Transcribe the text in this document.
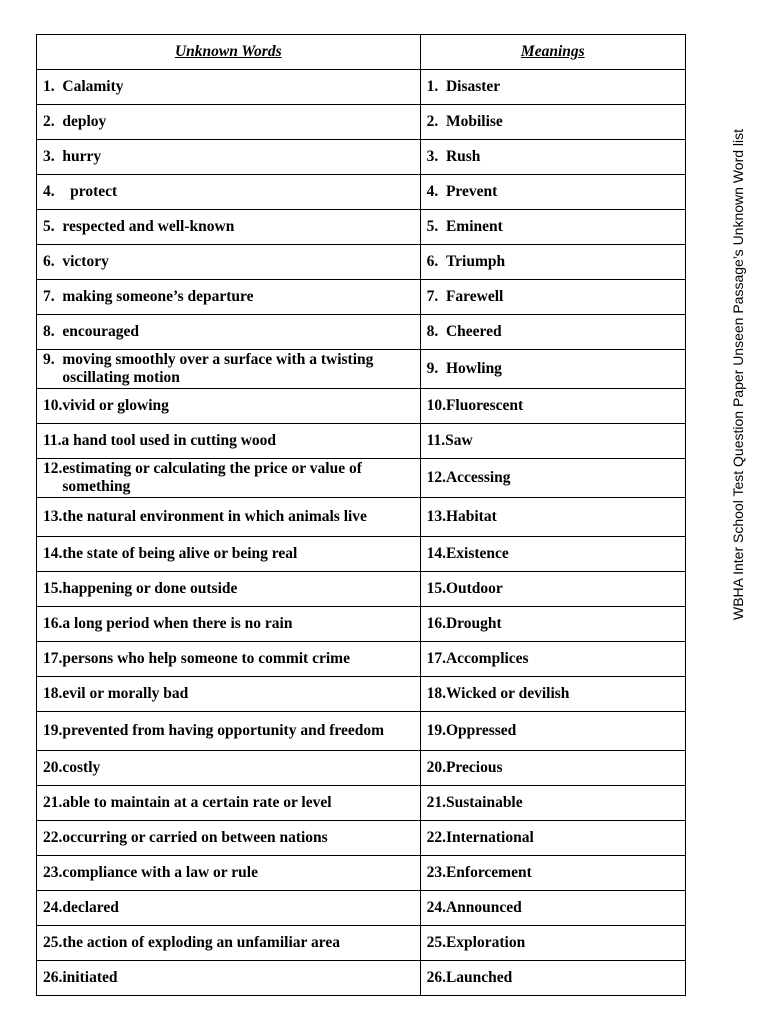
Unknown Words	Meanings

1. Calamity	1. Disaster

2. deploy	2. Mobilise

3. hurry	3. Rush

4. protect	4. Prevent

5. respected and well-known	5. Eminent

6. victory	6. Triumph

7. making someone’s departure	7. Farewell

8. encouraged	8. Cheered

9. moving smoothly over a surface with a twisting oscillating motion	9. Howling

10. vivid or glowing	10. Fluorescent

11. a hand tool used in cutting wood	11. Saw

12. estimating or calculating the price or value of something	12. Accessing

13. the natural environment in which animals live	13. Habitat

14. the state of being alive or being real	14. Existence

15. happening or done outside	15. Outdoor

16. a long period when there is no rain	16. Drought

17. persons who help someone to commit crime	17. Accomplices

18. evil or morally bad	18. Wicked or devilish

19. prevented from having opportunity and freedom	19. Oppressed

20. costly	20. Precious

21. able to maintain at a certain rate or level	21. Sustainable

22. occurring or carried on between nations	22. International

23. compliance with a law or rule	23. Enforcement

24. declared	24. Announced

25. the action of exploding an unfamiliar area	25. Exploration

26. initiated	26. Launched
WBHA Inter School Test Question Paper Unseen Passage’s Unknown Word list
